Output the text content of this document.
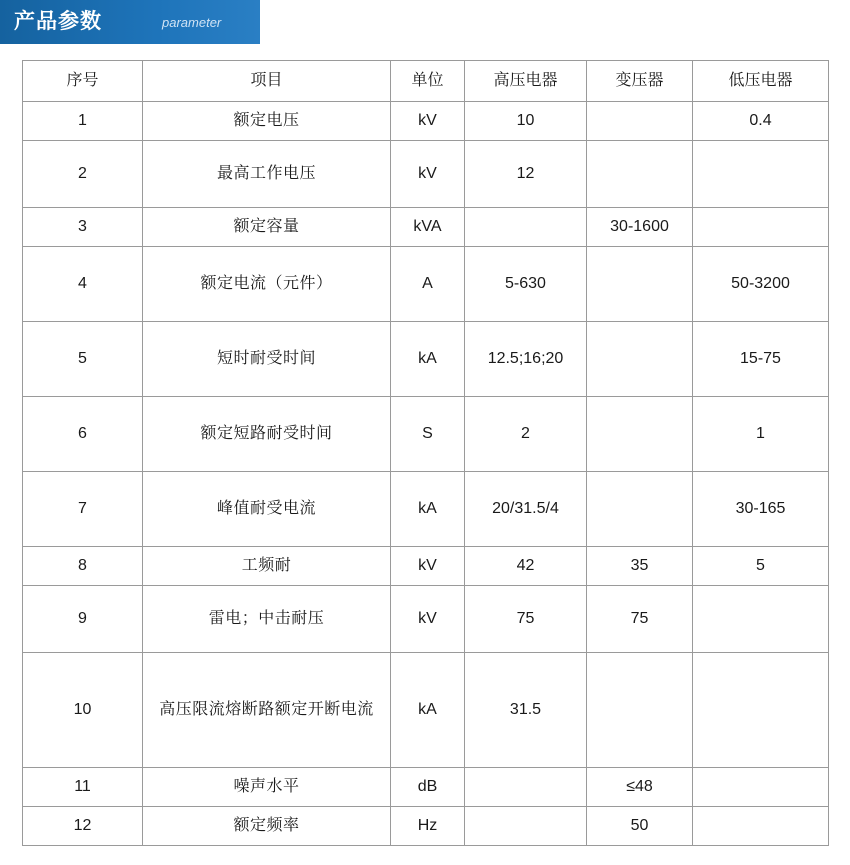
产品参数	parameter
序号	项目	单位	高压电器	变压器	低压电器
1	额定电压	kV	10		0.4
2	最高工作电压	kV	12		
3	额定容量	kVA		30-1600	
4	额定电流（元件）	A	5-630		50-3200
5	短时耐受时间	kA	12.5;16;20		15-75
6	额定短路耐受时间	S	2		1
7	峰值耐受电流	kA	20/31.5/4		30-165
8	工频耐	kV	42	35	5
9	雷电；中击耐压	kV	75	75	
10	高压限流熔断路额定开断电流	kA	31.5		
11	噪声水平	dB		≤48	
12	额定频率	Hz		50	
